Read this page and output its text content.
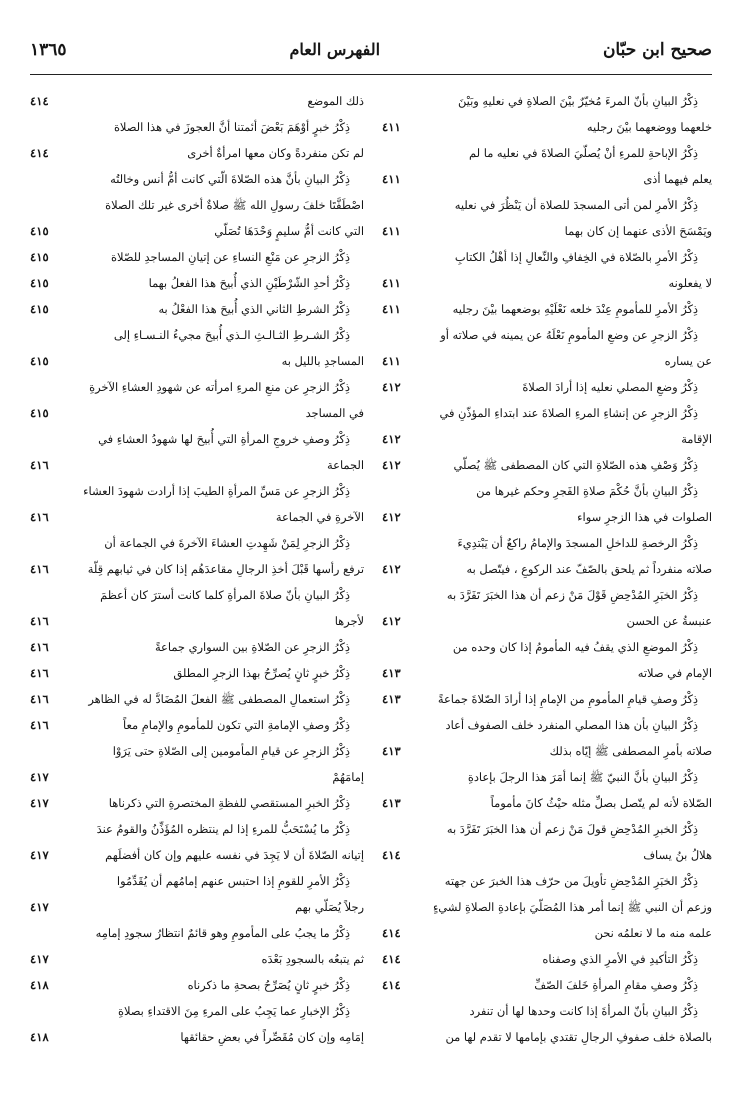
صحيح ابن حبّان
الفهرس العام
١٣٦٥
ذِكْرُ البيانِ بأنّ المرءَ مُخيّرٌ بيْنَ الصلاةِ في نعليهِ وبَيْنَ
خلعهما ووضعهما بيْنَ رجليه
٤١١
ذِكْرُ الإباحةِ للمرءِ أنْ يُصلّيَ الصلاةَ في نعليه ما لم
يعلم فيهما أذى
٤١١
ذِكْرُ الأمرِ لمن أتى المسجدَ للصلاة أن يَنْظُرَ في نعليه
ويَمْسَحَ الأذى عنهما إن كان بهما
٤١١
ذِكْرُ الأمرِ بالصّلاة في الخِفافِ والنِّعالِ إذا أهْلُ الكتابِ
لا يفعلونه
٤١١
ذِكْرُ الأمرِ للمأمومِ عِنْدَ خلعه نَعْلَيْهِ بوضعهما بيْنَ رجليه
٤١١
ذِكْرُ الزجرِ عن وضعِ المأمومِ نَعْلَهُ عن يمينه في صلاته أو
عن يساره
٤١١
ذِكْرُ وضعِ المصلي نعليه إذا أرادَ الصلاةَ
٤١٢
ذِكْرُ الزجرِ عن إنشاءِ المرءِ الصلاةَ عند ابتداءِ المؤذّنِ في
الإقامة
٤١٢
ذِكْرُ وَصْفِ هذه الصّلاةِ التي كان المصطفى ﷺ يُصلّي
٤١٢
ذِكْرُ البيانِ بأنَّ حُكْمَ صلاةِ الفَجرِ وحكم غيرها من
الصلوات في هذا الزجرِ سواء
٤١٢
ذِكْرُ الرخصةِ للداخلِ المسجدَ والإمامُ راكعٌ أن يَبْتدِيءَ
صلاته منفرداً ثم يلحق بالصّفّ عند الركوعِ ، فيتّصل به
٤١٢
ذِكْرُ الخبَرِ المُدْحِضِ قَوْلَ مَنْ زعم أن هذا الخبَرَ تَفَرَّدَ به
عنبسةُ عن الحسن
٤١٢
ذِكْرُ الموضعِ الذي يقفُ فيه المأمومُ إذا كان وحده من
الإمام في صلاته
٤١٣
ذِكْرُ وصفِ قيامِ المأمومِ من الإمامِ إذا أرادَ الصّلاةَ جماعةً
٤١٣
ذِكْرُ البيانِ بأن هذا المصلي المنفرد خلف الصفوف أعاد
صلاته بأمرِ المصطفى ﷺ إيّاه بذلك
٤١٣
ذِكْرُ البيانِ بأنَّ النبيّ ﷺ إنما أمَرَ هذا الرجلَ بإعادةِ
الصّلاة لأنه لم يتّصل بصلِّ مثله حيْثُ كانَ مأموماً
٤١٣
ذِكْرُ الخبرِ المُدْحِضِ قولَ مَنْ زعم أن هذا الخبَرَ تَفَرَّدَ به
هلالُ بنُ يساف
٤١٤
ذِكْرُ الخبَرِ المُدْحِضِ تأويلَ من حرّف هذا الخبرَ عن جهته
وزعم أن النبي ﷺ إنما أمر هذا المُصَلّيَ بإعادةِ الصلاةِ لشيءٍ
علمه منه ما لا نعلمُه نحن
٤١٤
ذِكْرُ التأكيدِ في الأمرِ الذي وصفناه
٤١٤
ذِكْرُ وصفِ مقامِ المرأةِ خَلفَ الصّفِّ
٤١٤
ذِكْرُ البيانِ بأنّ المرأةَ إذا كانت وحدها لها أن تنفرد
بالصلاة خلف صفوفِ الرجالِ تقتدي بإمامها لا تقدم لها من
ذلك الموضع
٤١٤
ذِكْرُ خبرٍ أوْهَمَ بَعْضَ أئمتنا أنَّ العجوزَ في هذا الصلاة
لم تكن منفردةً وكان معها امرأةٌ أخرى
٤١٤
ذِكْرُ البيانِ بأنَّ هذه الصّلاةَ الّتي كانت أمُّ أنس وخالتُه
اصْطَفَّتَا خلفَ رسولِ الله ﷺ صلاةٌ أخرى غير تلك الصلاة
التي كانت أمُّ سليمٍ وَحْدَهَا تُصَلّي
٤١٥
ذِكْرُ الزجرِ عن مَنْعِ النساءِ عن إتيانِ المساجدِ للصّلاة
٤١٥
ذِكْرُ أحدِ الشّرْطَيْنِ الذي أُبيحَ هذا الفعلُ بهما
٤١٥
ذِكْرُ الشرطِ الثاني الذي أُبيحَ هذا الفعْلُ به
٤١٥
ذِكْرُ الشـرطِ الثـالـثِ الـذي أُبيحَ مجيءُ النـسـاءِ إلى
المساجدِ بالليل به
٤١٥
ذِكْرُ الزجرِ عن منعِ المرءِ امرأته عن شهودِ العشاءِ الآخرةِ
في المساجد
٤١٥
ذِكْرُ وصفِ خروجِ المرأةِ التي أُبيحَ لها شهودُ العشاءِ في
الجماعة
٤١٦
ذِكْرُ الزجرِ عن مَسِّ المرأةِ الطيبَ إذا أرادت شهودَ العشاء
الآخرةِ في الجماعة
٤١٦
ذِكْرُ الزجرِ لِمَنْ شَهِدتِ العشاءَ الآخرةَ في الجماعة أن
ترفع رأسها قَبْلَ أخذِ الرجالِ مقاعدَهُم إذا كان في ثيابهم قِلّة
٤١٦
ذِكْرُ البيانِ بأنّ صلاةَ المرأةِ كلما كانت أسترَ كان أعظمَ
لأجرها
٤١٦
ذِكْرُ الزجرِ عن الصّلاةِ بين السواري جماعةً
٤١٦
ذِكْرُ خبرٍ ثانٍ يُصرِّحُ بهذا الزجرِ المطلق
٤١٦
ذِكْرُ استعمالِ المصطفى ﷺ الفعلَ المُضَادَّ له في الظاهر
٤١٦
ذِكْرُ وصفِ الإمامةِ التي تكون للمأمومِ والإمامِ معاً
٤١٦
ذِكْرُ الزجرِ عن قيامِ المأمومين إلى الصّلاةِ حتى يَرَوْا
إمامَهُمْ
٤١٧
ذِكْرُ الخبرِ المستقصي للفظةِ المختصرةِ التي ذكرناها
٤١٧
ذِكْرُ ما يُسْتَحَبُّ للمرءِ إذا لم ينتظره المُؤَذِّنُ والقومُ عندَ
إتيانه الصّلاةَ أن لا يَجِدَ في نفسه عليهم وإن كان أفضلَهم
٤١٧
ذِكْرُ الأمرِ للقومِ إذا احتبس عنهم إمامُهم أن يُقَدِّمُوا
رجلاً يُصَلّي بهم
٤١٧
ذِكْرُ ما يجبُ على المأمومِ وهو قائمٌ انتظارُ سجودِ إمامِه
ثم يتبعُه بالسجودِ بَعْدَه
٤١٧
ذِكْرُ خبرٍ ثانٍ يُصَرِّحُ بصحةِ ما ذكرناه
٤١٨
ذِكْرُ الإخبارِ عما يَجِبُ على المرءِ مِنَ الاقتداءِ بصلاةِ
إمَامِه وإن كان مُقَصِّراً في بعضِ حقائقها
٤١٨
